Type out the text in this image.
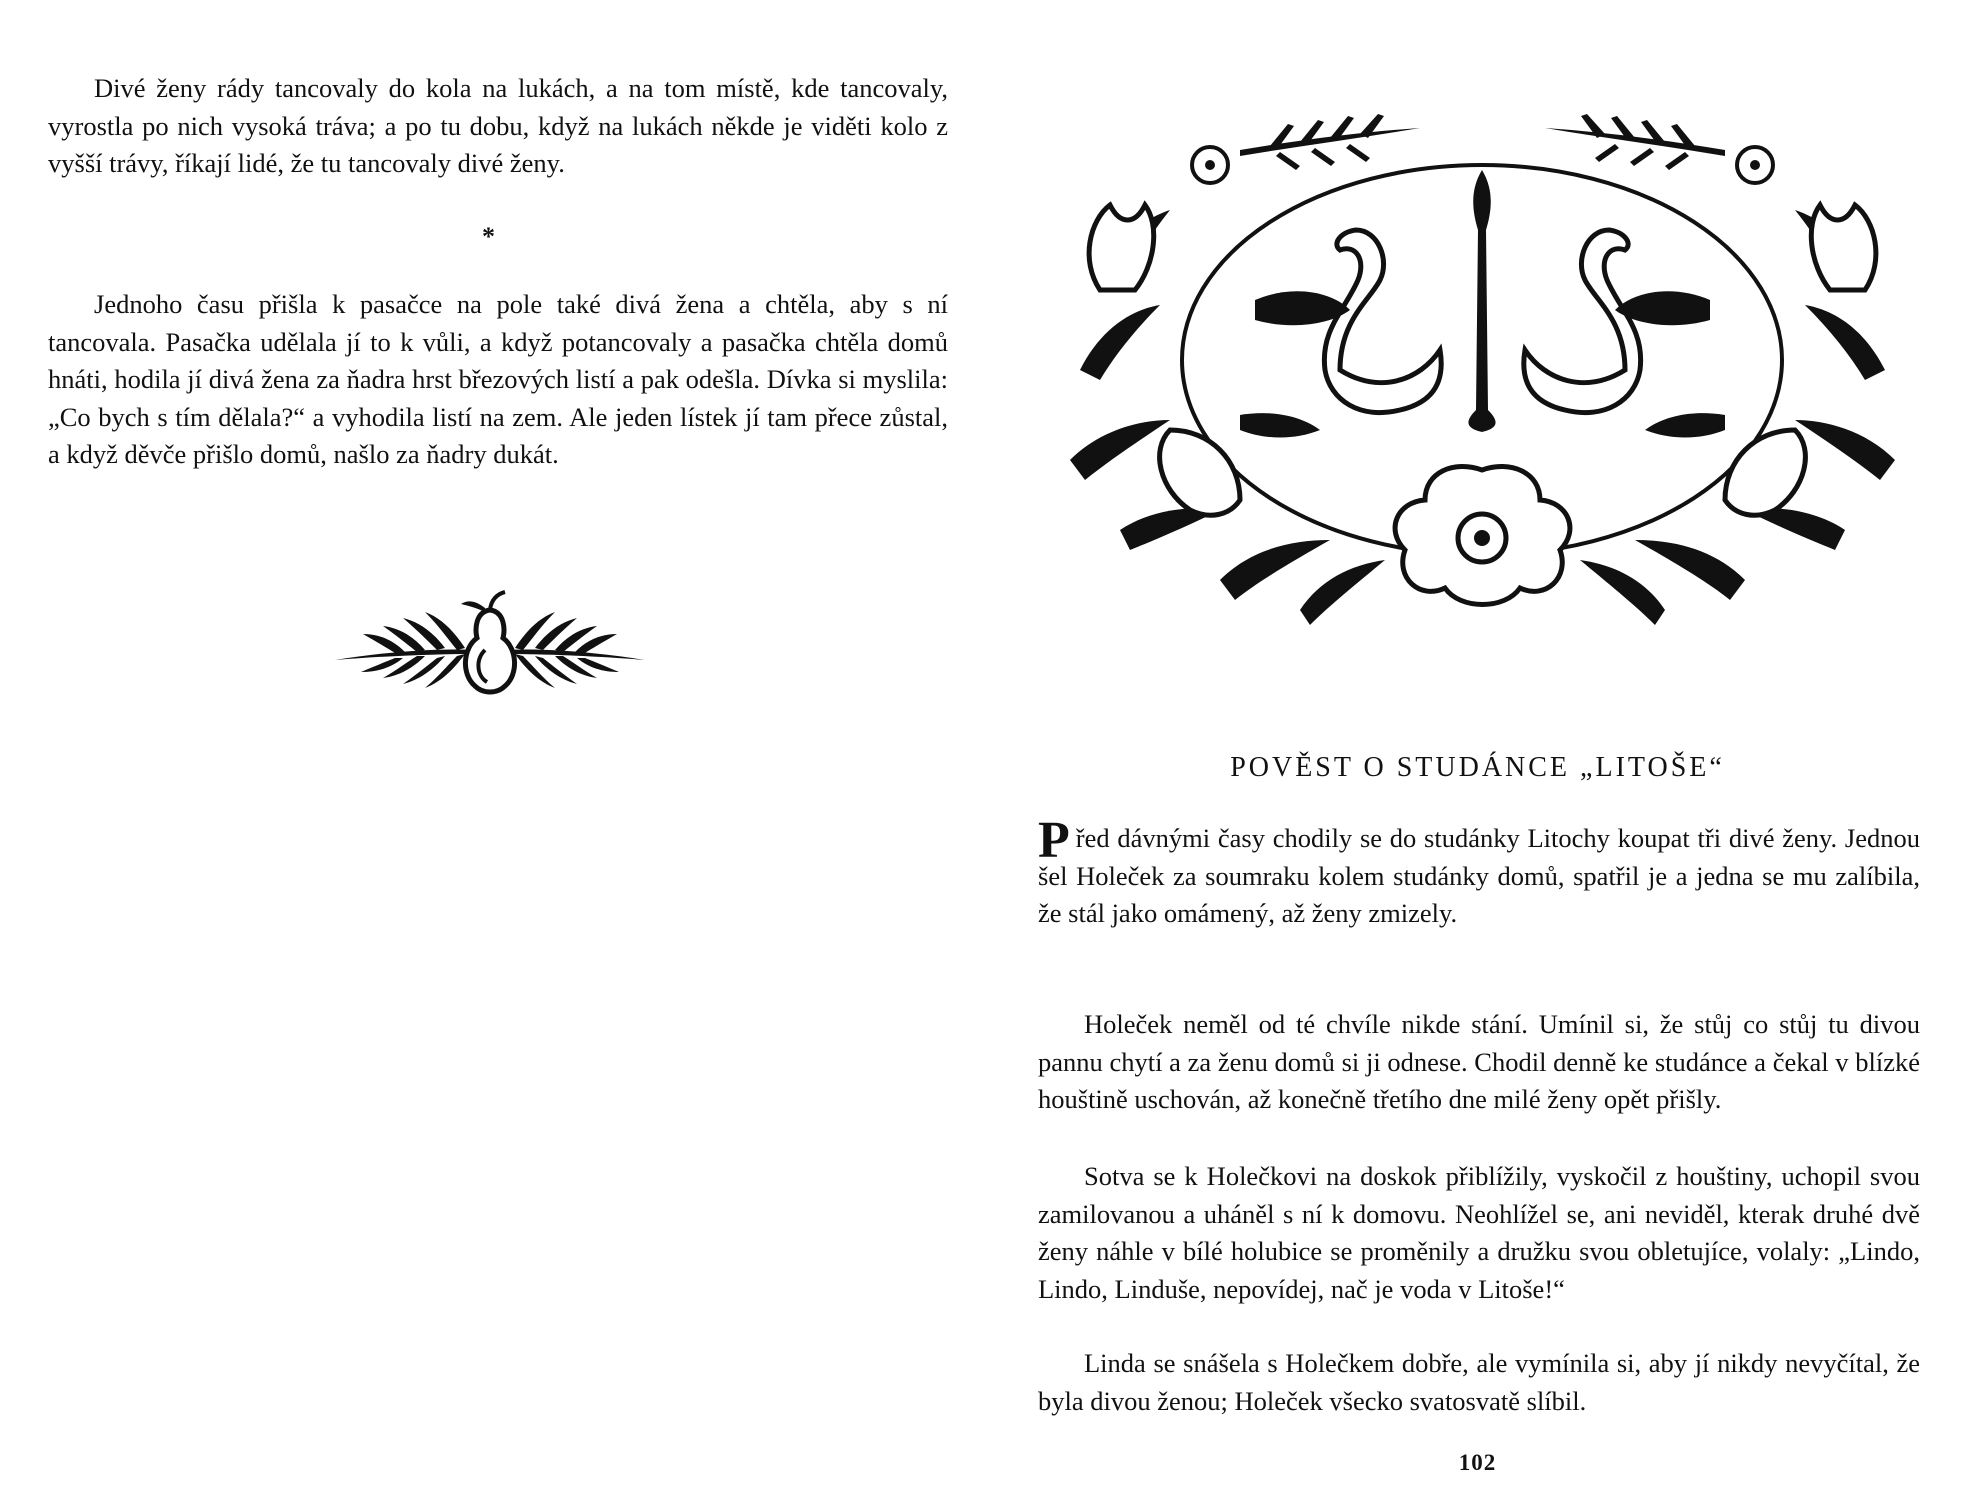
Divé ženy rády tancovaly do kola na lukách, a na tom místě, kde tancovaly, vyrostla po nich vysoká tráva; a po tu dobu, když na lukách někde je viděti kolo z vyšší trávy, říkají lidé, že tu tancovaly divé ženy.

*

Jednoho času přišla k pasačce na pole také divá žena a chtěla, aby s ní tancovala. Pasačka udělala jí to k vůli, a když potancovaly a pasačka chtěla domů hnáti, hodila jí divá žena za ňadra hrst březových listí a pak odešla. Dívka si myslila: „Co bych s tím dělala?“ a vyhodila listí na zem. Ale jeden lístek jí tam přece zůstal, a když děvče přišlo domů, našlo za ňadry dukát.

POVĚST O STUDÁNCE „LITOŠE“

Před dávnými časy chodily se do studánky Litochy koupat tři divé ženy. Jednou šel Holeček za soumraku kolem studánky domů, spatřil je a jedna se mu zalíbila, že stál jako omámený, až ženy zmizely.

Holeček neměl od té chvíle nikde stání. Umínil si, že stůj co stůj tu divou pannu chytí a za ženu domů si ji odnese. Chodil denně ke studánce a čekal v blízké houštině uschován, až konečně třetího dne milé ženy opět přišly.

Sotva se k Holečkovi na doskok přiblížily, vyskočil z houštiny, uchopil svou zamilovanou a uháněl s ní k domovu. Neohlížel se, ani neviděl, kterak druhé dvě ženy náhle v bílé holubice se proměnily a družku svou obletujíce, volaly: „Lindo, Lindo, Linduše, nepovídej, nač je voda v Litoše!“

Linda se snášela s Holečkem dobře, ale vymínila si, aby jí nikdy nevyčítal, že byla divou ženou; Holeček všecko svatosvatě slíbil.

102
